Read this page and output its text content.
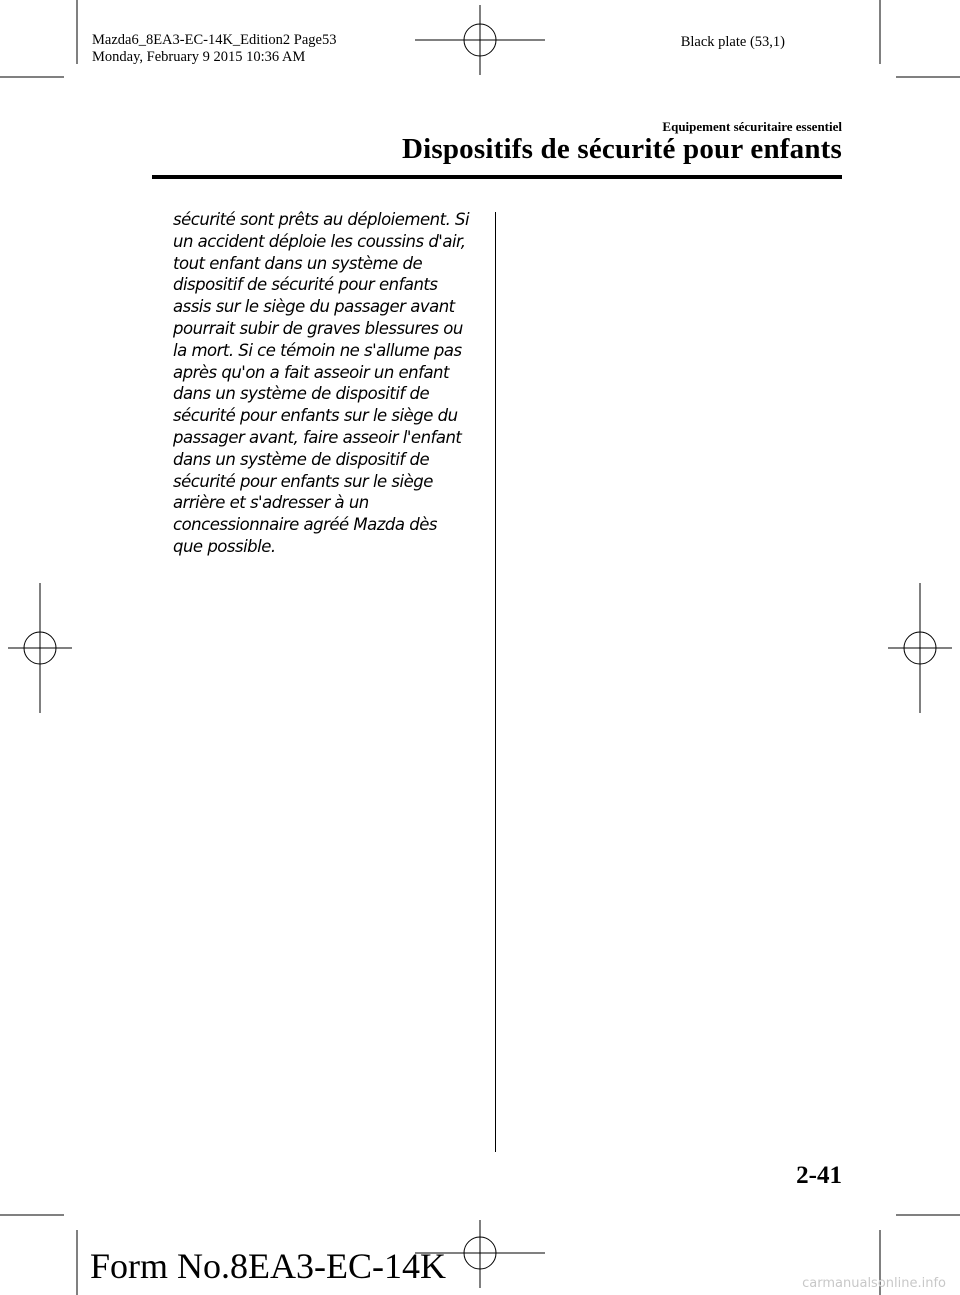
Mazda6_8EA3-EC-14K_Edition2 Page53
Monday, February 9 2015 10:36 AM
Black plate (53,1)
Equipement sécuritaire essentiel
Dispositifs de sécurité pour enfants
sécurité sont prêts au déploiement. Si
un accident déploie les coussins d'air,
tout enfant dans un système de
dispositif de sécurité pour enfants
assis sur le siège du passager avant
pourrait subir de graves blessures ou
la mort. Si ce témoin ne s'allume pas
après qu'on a fait asseoir un enfant
dans un système de dispositif de
sécurité pour enfants sur le siège du
passager avant, faire asseoir l'enfant
dans un système de dispositif de
sécurité pour enfants sur le siège
arrière et s'adresser à un
concessionnaire agréé Mazda dès
que possible.
2-41
Form No.8EA3-EC-14K	carmanualsonline.info
